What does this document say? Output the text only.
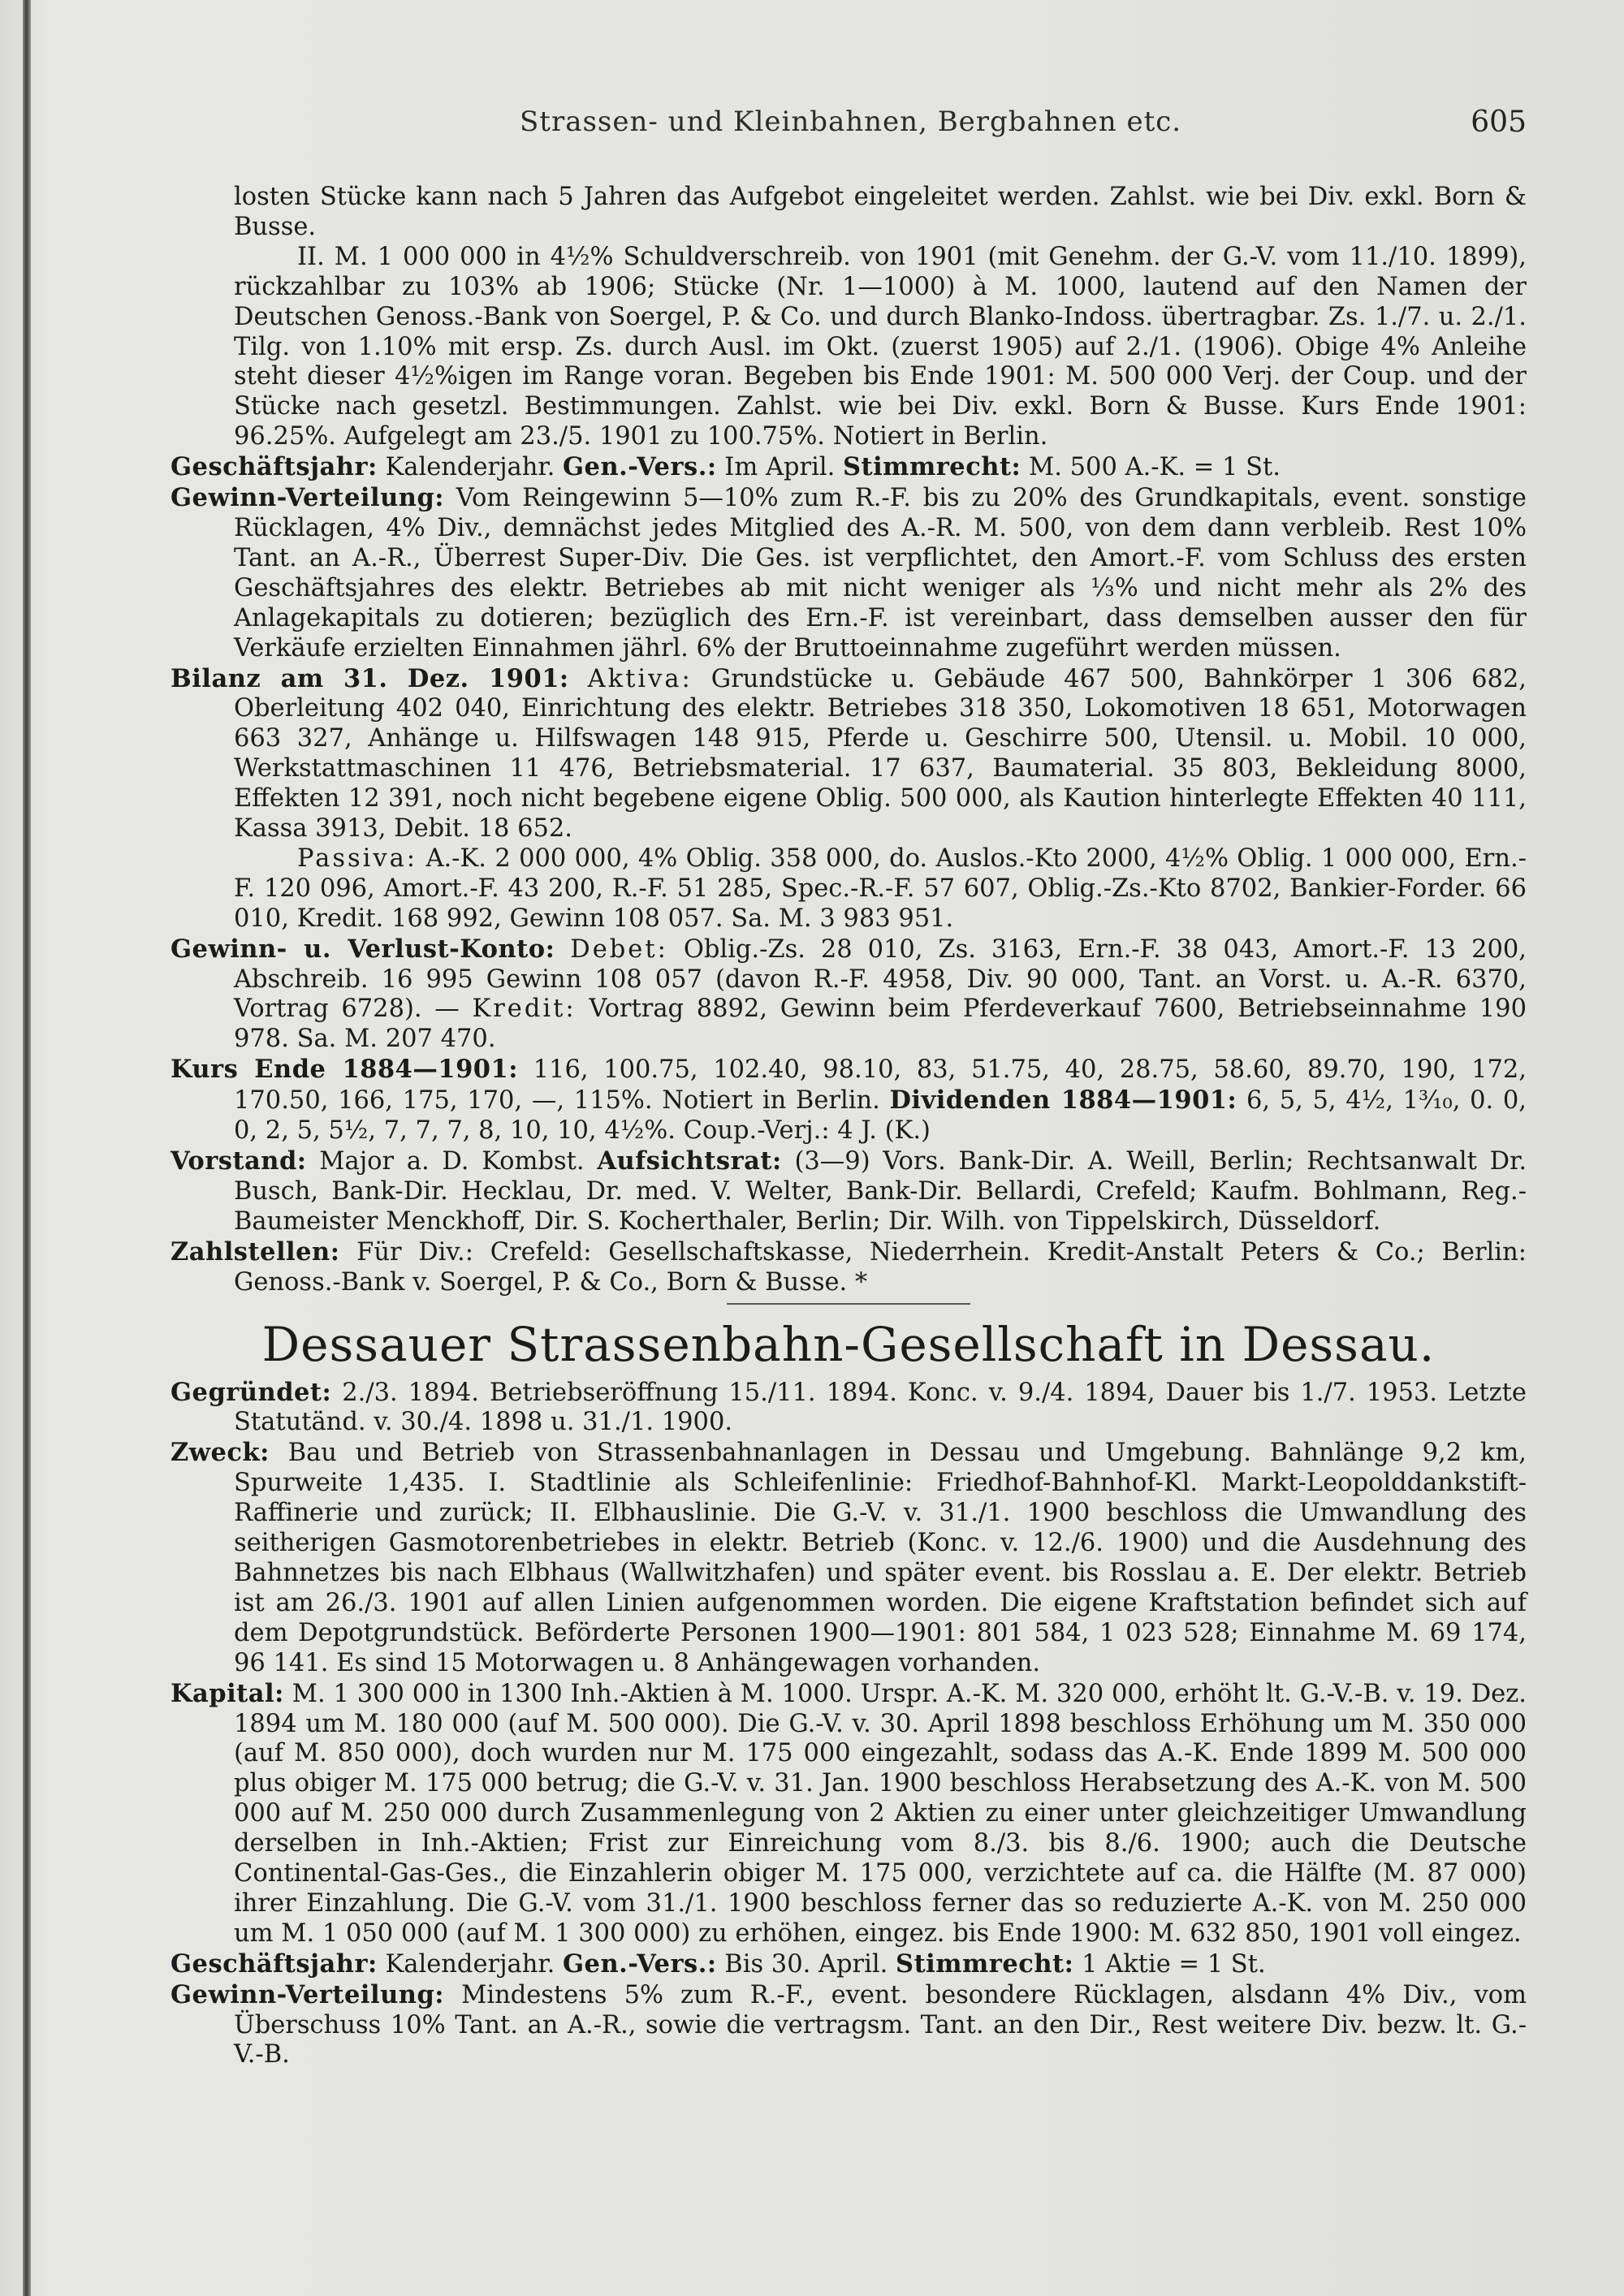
Strassen- und Kleinbahnen, Bergbahnen etc.	605

losten Stücke kann nach 5 Jahren das Aufgebot eingeleitet werden. Zahlst. wie bei Div. exkl. Born & Busse.

II. M. 1 000 000 in 4½% Schuldverschreib. von 1901 (mit Genehm. der G.-V. vom 11./10. 1899), rückzahlbar zu 103% ab 1906; Stücke (Nr. 1—1000) à M. 1000, lautend auf den Namen der Deutschen Genoss.-Bank von Soergel, P. & Co. und durch Blanko-Indoss. übertragbar. Zs. 1./7. u. 2./1. Tilg. von 1.10% mit ersp. Zs. durch Ausl. im Okt. (zuerst 1905) auf 2./1. (1906). Obige 4% Anleihe steht dieser 4½%igen im Range voran. Begeben bis Ende 1901: M. 500 000 Verj. der Coup. und der Stücke nach gesetzl. Bestimmungen. Zahlst. wie bei Div. exkl. Born & Busse. Kurs Ende 1901: 96.25%. Aufgelegt am 23./5. 1901 zu 100.75%. Notiert in Berlin.

Geschäftsjahr: Kalenderjahr. Gen.-Vers.: Im April. Stimmrecht: M. 500 A.-K. = 1 St.

Gewinn-Verteilung: Vom Reingewinn 5—10% zum R.-F. bis zu 20% des Grundkapitals, event. sonstige Rücklagen, 4% Div., demnächst jedes Mitglied des A.-R. M. 500, von dem dann verbleib. Rest 10% Tant. an A.-R., Überrest Super-Div. Die Ges. ist verpflichtet, den Amort.-F. vom Schluss des ersten Geschäftsjahres des elektr. Betriebes ab mit nicht weniger als ⅓% und nicht mehr als 2% des Anlagekapitals zu dotieren; bezüglich des Ern.-F. ist vereinbart, dass demselben ausser den für Verkäufe erzielten Einnahmen jährl. 6% der Bruttoeinnahme zugeführt werden müssen.

Bilanz am 31. Dez. 1901: Aktiva: Grundstücke u. Gebäude 467 500, Bahnkörper 1 306 682, Oberleitung 402 040, Einrichtung des elektr. Betriebes 318 350, Lokomotiven 18 651, Motorwagen 663 327, Anhänge u. Hilfswagen 148 915, Pferde u. Geschirre 500, Utensil. u. Mobil. 10 000, Werkstattmaschinen 11 476, Betriebsmaterial. 17 637, Baumaterial. 35 803, Bekleidung 8000, Effekten 12 391, noch nicht begebene eigene Oblig. 500 000, als Kaution hinterlegte Effekten 40 111, Kassa 3913, Debit. 18 652.

Passiva: A.-K. 2 000 000, 4% Oblig. 358 000, do. Auslos.-Kto 2000, 4½% Oblig. 1 000 000, Ern.-F. 120 096, Amort.-F. 43 200, R.-F. 51 285, Spec.-R.-F. 57 607, Oblig.-Zs.-Kto 8702, Bankier-Forder. 66 010, Kredit. 168 992, Gewinn 108 057. Sa. M. 3 983 951.

Gewinn- u. Verlust-Konto: Debet: Oblig.-Zs. 28 010, Zs. 3163, Ern.-F. 38 043, Amort.-F. 13 200, Abschreib. 16 995 Gewinn 108 057 (davon R.-F. 4958, Div. 90 000, Tant. an Vorst. u. A.-R. 6370, Vortrag 6728). — Kredit: Vortrag 8892, Gewinn beim Pferdeverkauf 7600, Betriebseinnahme 190 978. Sa. M. 207 470.

Kurs Ende 1884—1901: 116, 100.75, 102.40, 98.10, 83, 51.75, 40, 28.75, 58.60, 89.70, 190, 172, 170.50, 166, 175, 170, —, 115%. Notiert in Berlin. Dividenden 1884—1901: 6, 5, 5, 4½, 1³⁄₁₀, 0. 0, 0, 2, 5, 5½, 7, 7, 7, 8, 10, 10, 4½%. Coup.-Verj.: 4 J. (K.)

Vorstand: Major a. D. Kombst. Aufsichtsrat: (3—9) Vors. Bank-Dir. A. Weill, Berlin; Rechtsanwalt Dr. Busch, Bank-Dir. Hecklau, Dr. med. V. Welter, Bank-Dir. Bellardi, Crefeld; Kaufm. Bohlmann, Reg.-Baumeister Menckhoff, Dir. S. Kocherthaler, Berlin; Dir. Wilh. von Tippelskirch, Düsseldorf.

Zahlstellen: Für Div.: Crefeld: Gesellschaftskasse, Niederrhein. Kredit-Anstalt Peters & Co.; Berlin: Genoss.-Bank v. Soergel, P. & Co., Born & Busse. *

Dessauer Strassenbahn-Gesellschaft in Dessau.

Gegründet: 2./3. 1894. Betriebseröffnung 15./11. 1894. Konc. v. 9./4. 1894, Dauer bis 1./7. 1953. Letzte Statutänd. v. 30./4. 1898 u. 31./1. 1900.

Zweck: Bau und Betrieb von Strassenbahnanlagen in Dessau und Umgebung. Bahnlänge 9,2 km, Spurweite 1,435. I. Stadtlinie als Schleifenlinie: Friedhof-Bahnhof-Kl. Markt-Leopolddankstift-Raffinerie und zurück; II. Elbhauslinie. Die G.-V. v. 31./1. 1900 beschloss die Umwandlung des seitherigen Gasmotorenbetriebes in elektr. Betrieb (Konc. v. 12./6. 1900) und die Ausdehnung des Bahnnetzes bis nach Elbhaus (Wallwitzhafen) und später event. bis Rosslau a. E. Der elektr. Betrieb ist am 26./3. 1901 auf allen Linien aufgenommen worden. Die eigene Kraftstation befindet sich auf dem Depotgrundstück. Beförderte Personen 1900—1901: 801 584, 1 023 528; Einnahme M. 69 174, 96 141. Es sind 15 Motorwagen u. 8 Anhängewagen vorhanden.

Kapital: M. 1 300 000 in 1300 Inh.-Aktien à M. 1000. Urspr. A.-K. M. 320 000, erhöht lt. G.-V.-B. v. 19. Dez. 1894 um M. 180 000 (auf M. 500 000). Die G.-V. v. 30. April 1898 beschloss Erhöhung um M. 350 000 (auf M. 850 000), doch wurden nur M. 175 000 eingezahlt, sodass das A.-K. Ende 1899 M. 500 000 plus obiger M. 175 000 betrug; die G.-V. v. 31. Jan. 1900 beschloss Herabsetzung des A.-K. von M. 500 000 auf M. 250 000 durch Zusammenlegung von 2 Aktien zu einer unter gleichzeitiger Umwandlung derselben in Inh.-Aktien; Frist zur Einreichung vom 8./3. bis 8./6. 1900; auch die Deutsche Continental-Gas-Ges., die Einzahlerin obiger M. 175 000, verzichtete auf ca. die Hälfte (M. 87 000) ihrer Einzahlung. Die G.-V. vom 31./1. 1900 beschloss ferner das so reduzierte A.-K. von M. 250 000 um M. 1 050 000 (auf M. 1 300 000) zu erhöhen, eingez. bis Ende 1900: M. 632 850, 1901 voll eingez.

Geschäftsjahr: Kalenderjahr. Gen.-Vers.: Bis 30. April. Stimmrecht: 1 Aktie = 1 St.

Gewinn-Verteilung: Mindestens 5% zum R.-F., event. besondere Rücklagen, alsdann 4% Div., vom Überschuss 10% Tant. an A.-R., sowie die vertragsm. Tant. an den Dir., Rest weitere Div. bezw. lt. G.-V.-B.
